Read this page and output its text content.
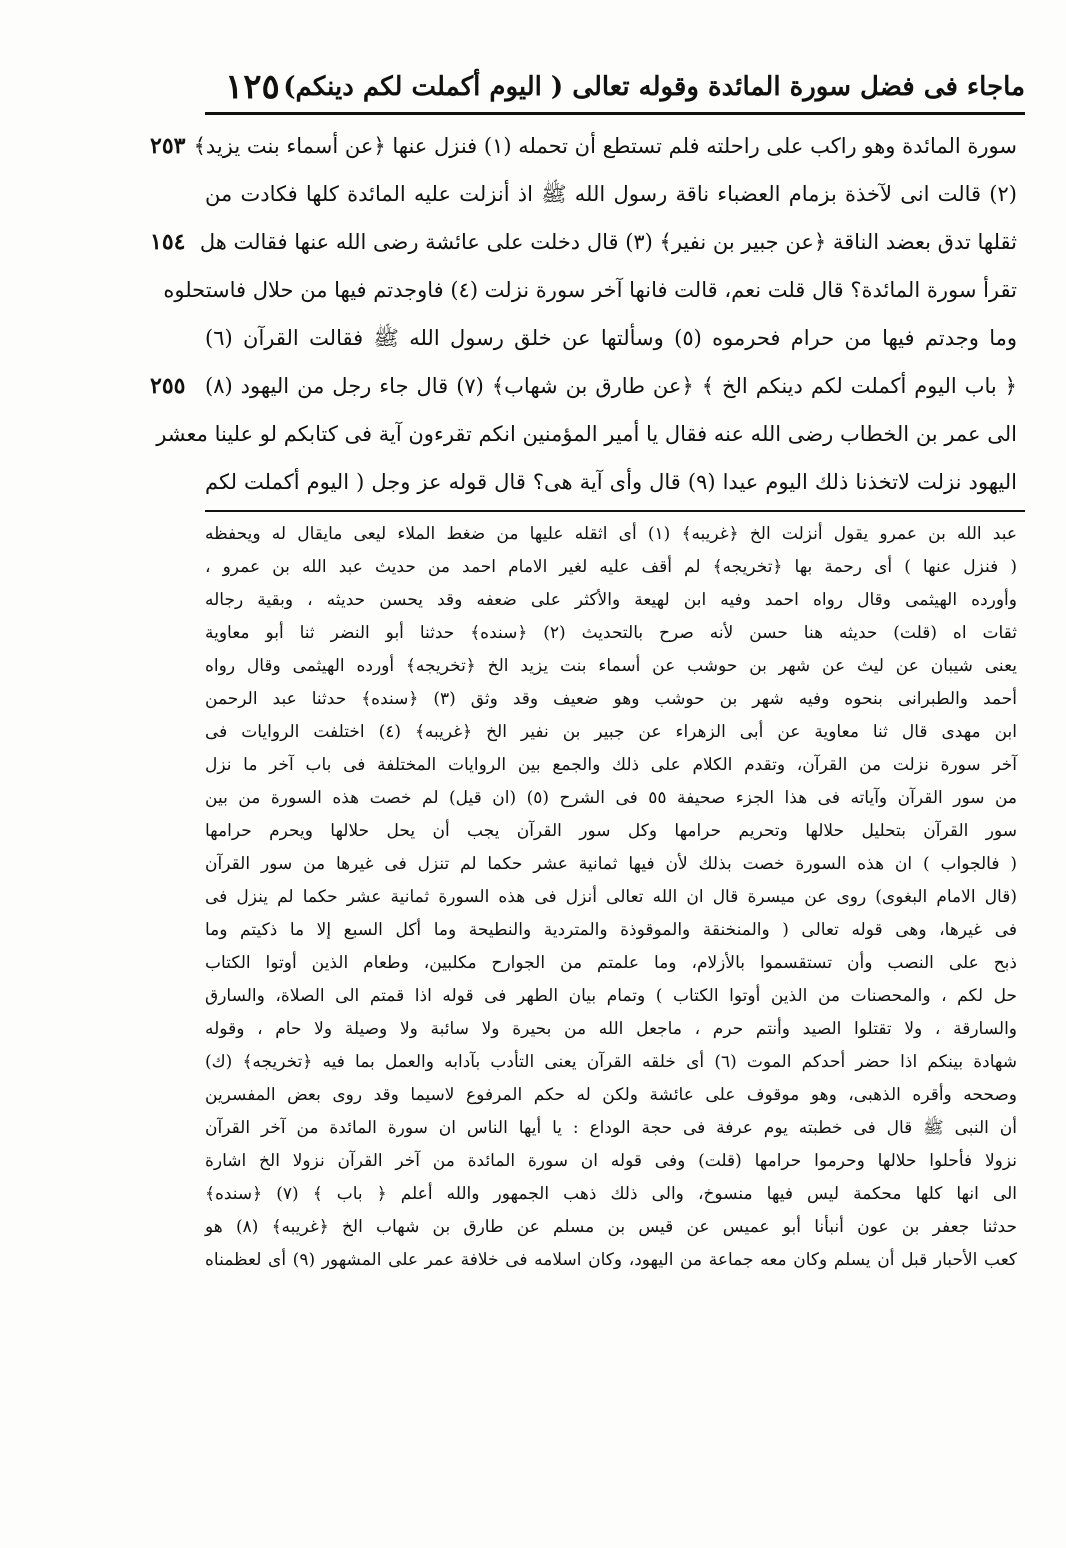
ماجاء فى فضل سورة المائدة وقوله تعالى ( اليوم أكملت لكم دينكم)
١٢٥
٢٥٣
١٥٤
٢٥٥
سورة المائدة وهو راكب على راحلته فلم تستطع أن تحمله (١) فنزل عنها ﴿عن أسماء بنت يزيد﴾
(٢) قالت انى لآخذة بزمام العضباء ناقة رسول الله ﷺ اذ أنزلت عليه المائدة كلها فكادت من
ثقلها تدق بعضد الناقة ﴿عن جبير بن نفير﴾ (٣) قال دخلت على عائشة رضى الله عنها فقالت هل
تقرأ سورة المائدة؟ قال قلت نعم، قالت فانها آخر سورة نزلت (٤) فاوجدتم فيها من حلال فاستحلوه
وما وجدتم فيها من حرام فحرموه (٥) وسألتها عن خلق رسول الله ﷺ فقالت القرآن (٦)
﴿ باب اليوم أكملت لكم دينكم الخ ﴾ ﴿عن طارق بن شهاب﴾ (٧) قال جاء رجل من اليهود (٨)
الى عمر بن الخطاب رضى الله عنه فقال يا أمير المؤمنين انكم تقرءون آية فى كتابكم لو علينا معشر
اليهود نزلت لاتخذنا ذلك اليوم عيدا (٩) قال وأى آية هى؟ قال قوله عز وجل ( اليوم أكملت لكم
عبد الله بن عمرو يقول أنزلت الخ ﴿غريبه﴾ (١) أى اثقله عليها من ضغط الملاء ليعى مايقال له ويحفظه
( فنزل عنها ) أى رحمة بها ﴿تخريجه﴾ لم أقف عليه لغير الامام احمد من حديث عبد الله بن عمرو ،
وأورده الهيثمى وقال رواه احمد وفيه ابن لهيعة والأكثر على ضعفه وقد يحسن حديثه ، وبقية رجاله
ثقات اه (قلت) حديثه هنا حسن لأنه صرح بالتحديث (٢) ﴿سنده﴾ حدثنا أبو النضر ثنا أبو معاوية
يعنى شيبان عن ليث عن شهر بن حوشب عن أسماء بنت يزيد الخ ﴿تخريجه﴾ أورده الهيثمى وقال رواه
أحمد والطبرانى بنحوه وفيه شهر بن حوشب وهو ضعيف وقد وثق (٣) ﴿سنده﴾ حدثنا عبد الرحمن
ابن مهدى قال ثنا معاوية عن أبى الزهراء عن جبير بن نفير الخ ﴿غريبه﴾ (٤) اختلفت الروايات فى
آخر سورة نزلت من القرآن، وتقدم الكلام على ذلك والجمع بين الروايات المختلفة فى باب آخر ما نزل
من سور القرآن وآياته فى هذا الجزء صحيفة ٥٥ فى الشرح (٥) (ان قيل) لم خصت هذه السورة من بين
سور القرآن بتحليل حلالها وتحريم حرامها وكل سور القرآن يجب أن يحل حلالها ويحرم حرامها
( فالجواب ) ان هذه السورة خصت بذلك لأن فيها ثمانية عشر حكما لم تنزل فى غيرها من سور القرآن
(قال الامام البغوى) روى عن ميسرة قال ان الله تعالى أنزل فى هذه السورة ثمانية عشر حكما لم ينزل فى
فى غيرها، وهى قوله تعالى ( والمنخنقة والموقوذة والمتردية والنطيحة وما أكل السبع إلا ما ذكيتم وما
ذبح على النصب وأن تستقسموا بالأزلام، وما علمتم من الجوارح مكلبين، وطعام الذين أوتوا الكتاب
حل لكم ، والمحصنات من الذين أوتوا الكتاب ) وتمام بيان الطهر فى قوله اذا قمتم الى الصلاة، والسارق
والسارقة ، ولا تقتلوا الصيد وأنتم حرم ، ماجعل الله من بحيرة ولا سائبة ولا وصيلة ولا حام ، وقوله
شهادة بينكم اذا حضر أحدكم الموت (٦) أى خلقه القرآن يعنى التأدب بآدابه والعمل بما فيه ﴿تخريجه﴾ (ك)
وصححه وأقره الذهبى، وهو موقوف على عائشة ولكن له حكم المرفوع لاسيما وقد روى بعض المفسرين
أن النبى ﷺ قال فى خطبته يوم عرفة فى حجة الوداع : يا أيها الناس ان سورة المائدة من آخر القرآن
نزولا فأحلوا حلالها وحرموا حرامها (قلت) وفى قوله ان سورة المائدة من آخر القرآن نزولا الخ اشارة
الى انها كلها محكمة ليس فيها منسوخ، والى ذلك ذهب الجمهور والله أعلم ﴿ باب ﴾ (٧) ﴿سنده﴾
حدثنا جعفر بن عون أنبأنا أبو عميس عن قيس بن مسلم عن طارق بن شهاب الخ ﴿غريبه﴾ (٨) هو
كعب الأحبار قبل أن يسلم وكان معه جماعة من اليهود، وكان اسلامه فى خلافة عمر على المشهور (٩) أى لعظمناه
